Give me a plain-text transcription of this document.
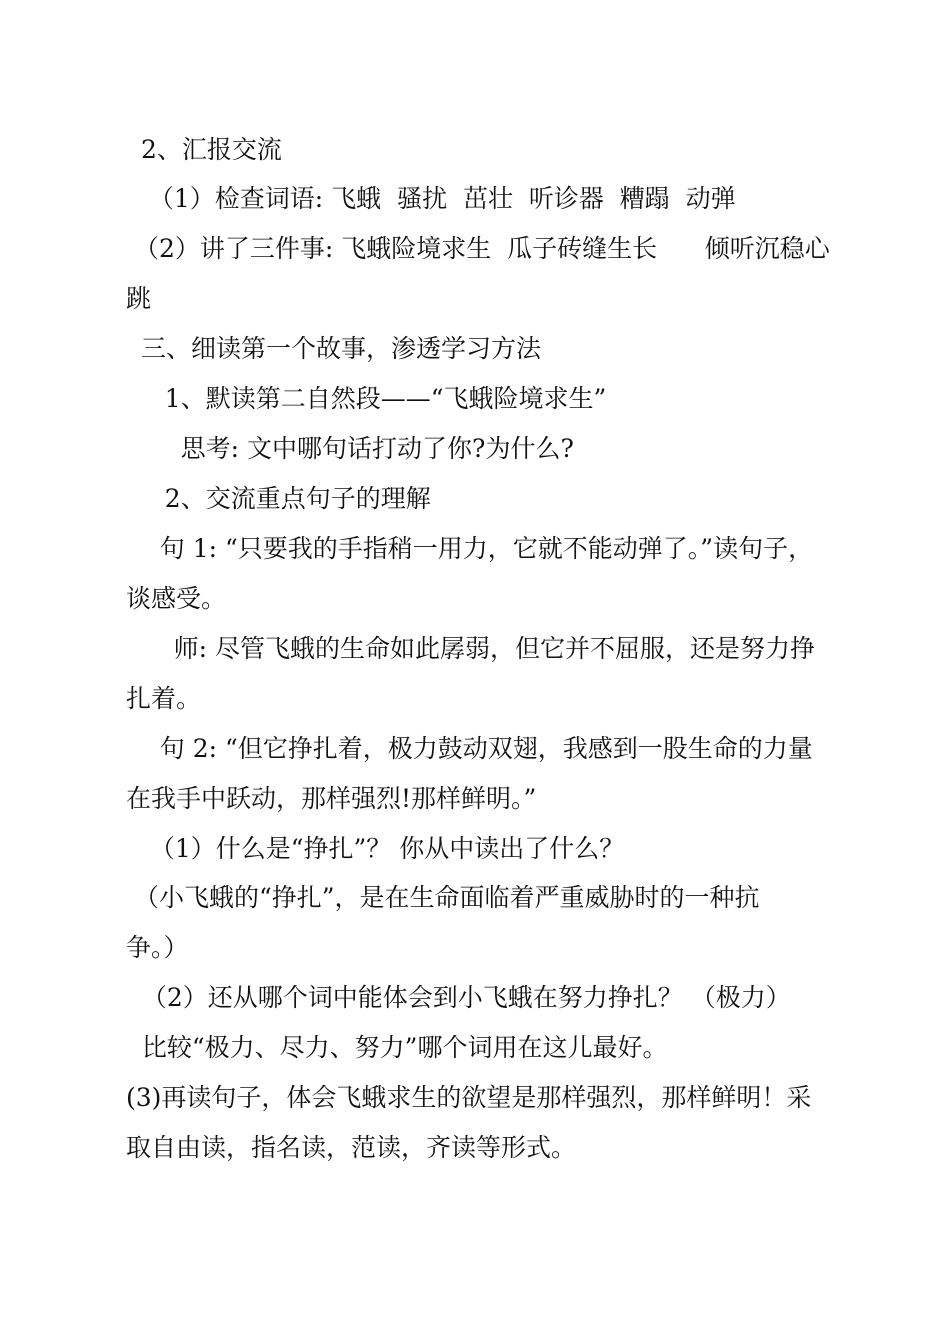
2、汇报交流
（1）检查词语: 飞蛾  骚扰  茁壮  听诊器  糟蹋  动弹
（2）讲了三件事: 飞蛾险境求生  瓜子砖缝生长      倾听沉稳心
跳
三、细读第一个故事，渗透学习方法
1、默读第二自然段——“飞蛾险境求生”
思考: 文中哪句话打动了你?为什么?
2、交流重点句子的理解
句 1: “只要我的手指稍一用力，它就不能动弹了。”读句子，
谈感受。
师: 尽管飞蛾的生命如此孱弱，但它并不屈服，还是努力挣
扎着。
句 2: “但它挣扎着，极力鼓动双翅，我感到一股生命的力量
在我手中跃动，那样强烈!那样鲜明。”
（1）什么是“挣扎”？ 你从中读出了什么？
（小飞蛾的“挣扎”，是在生命面临着严重威胁时的一种抗
争。）
（2）还从哪个词中能体会到小飞蛾在努力挣扎？ （极力）
比较“极力、尽力、努力”哪个词用在这儿最好。
(3)再读句子，体会飞蛾求生的欲望是那样强烈，那样鲜明！采
取自由读，指名读，范读，齐读等形式。
